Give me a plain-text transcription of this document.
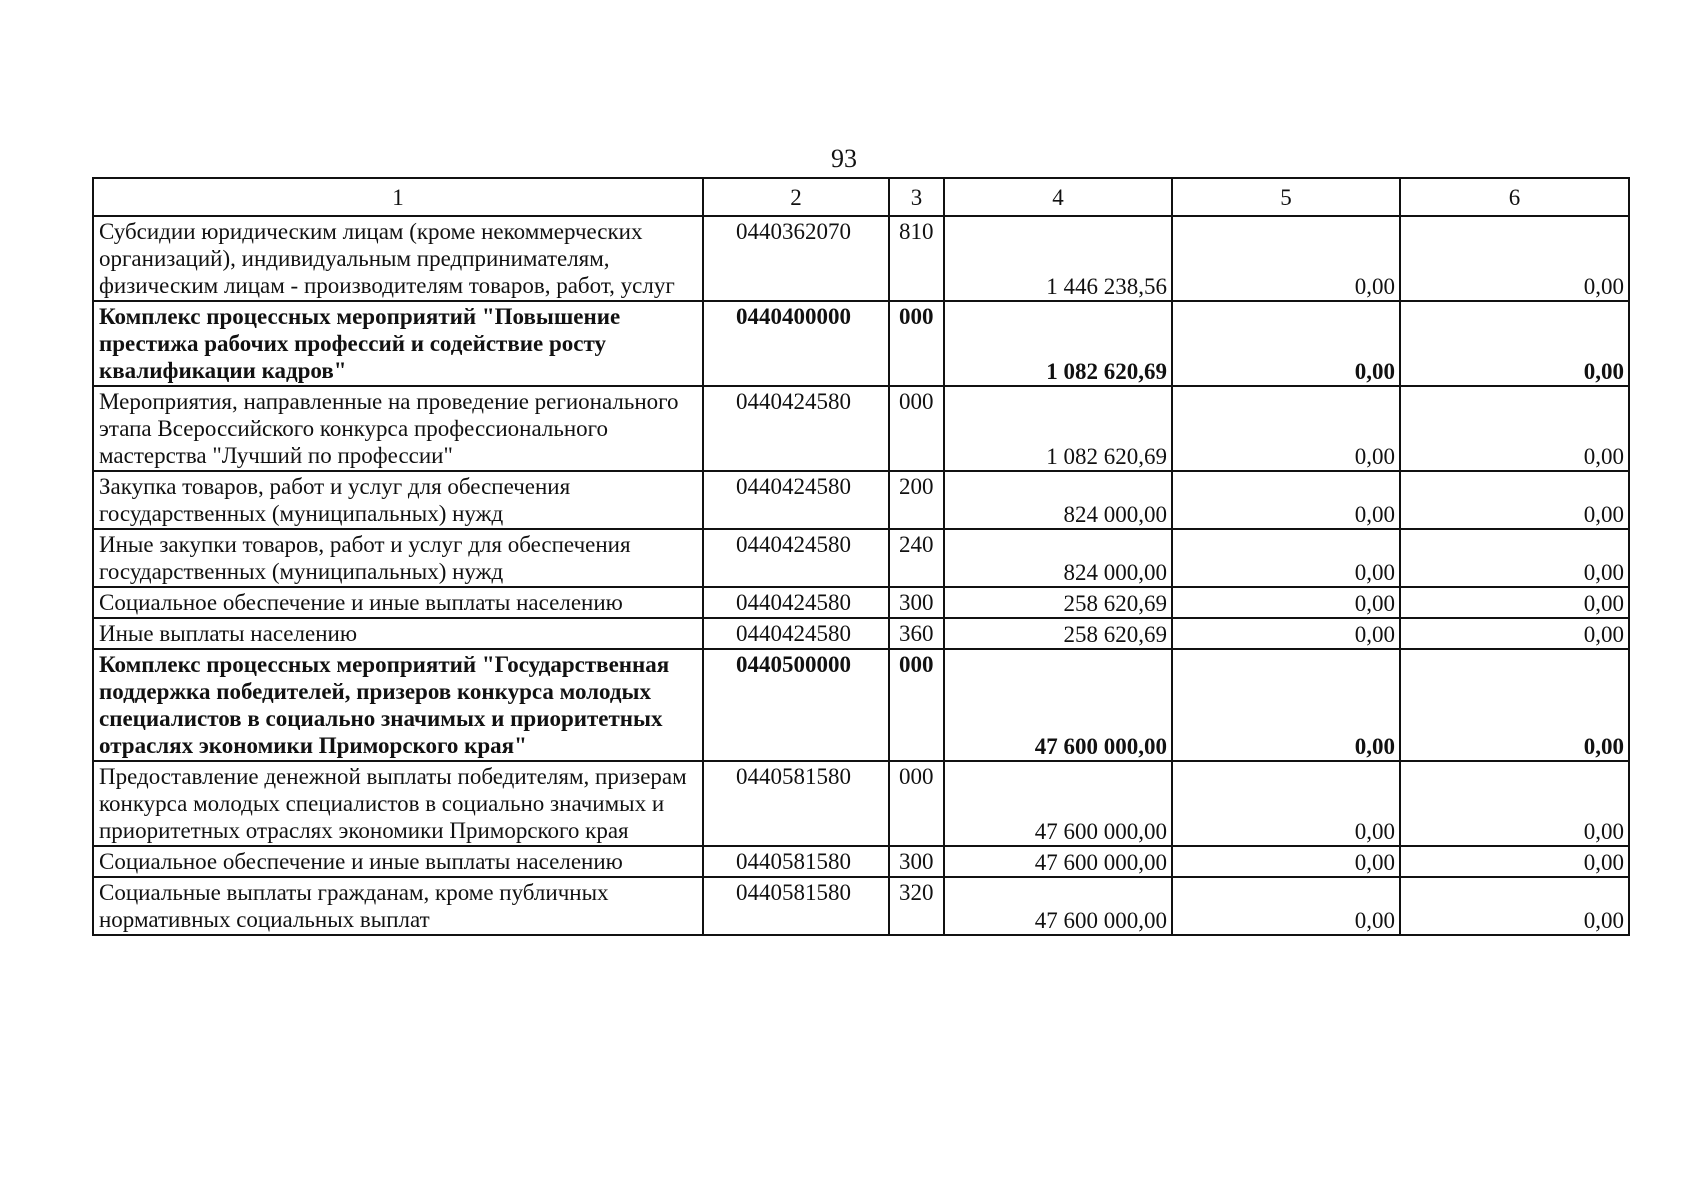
93
1	2	3	4	5	6
Субсидии юридическим лицам (кроме некоммерческих организаций), индивидуальным предпринимателям, физическим лицам - производителям товаров, работ, услуг	0440362070	810	1 446 238,56	0,00	0,00
Комплекс процессных мероприятий "Повышение престижа рабочих профессий и содействие росту квалификации кадров"	0440400000	000	1 082 620,69	0,00	0,00
Мероприятия, направленные на проведение регионального этапа Всероссийского конкурса профессионального мастерства "Лучший по профессии"	0440424580	000	1 082 620,69	0,00	0,00
Закупка товаров, работ и услуг для обеспечения государственных (муниципальных) нужд	0440424580	200	824 000,00	0,00	0,00
Иные закупки товаров, работ и услуг для обеспечения государственных (муниципальных) нужд	0440424580	240	824 000,00	0,00	0,00
Социальное обеспечение и иные выплаты населению	0440424580	300	258 620,69	0,00	0,00
Иные выплаты населению	0440424580	360	258 620,69	0,00	0,00
Комплекс процессных мероприятий "Государственная поддержка победителей, призеров конкурса молодых специалистов в социально значимых и приоритетных отраслях экономики Приморского края"	0440500000	000	47 600 000,00	0,00	0,00
Предоставление денежной выплаты победителям, призерам конкурса молодых специалистов в социально значимых и приоритетных отраслях экономики Приморского края	0440581580	000	47 600 000,00	0,00	0,00
Социальное обеспечение и иные выплаты населению	0440581580	300	47 600 000,00	0,00	0,00
Социальные выплаты гражданам, кроме публичных нормативных социальных выплат	0440581580	320	47 600 000,00	0,00	0,00
